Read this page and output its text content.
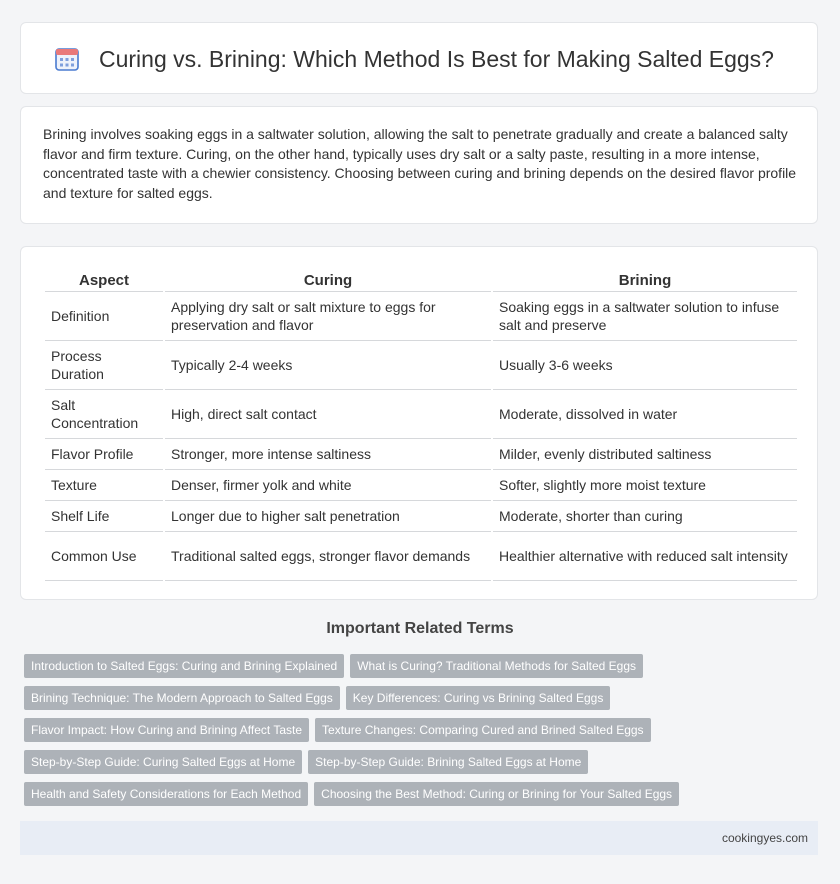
Curing vs. Brining: Which Method Is Best for Making Salted Eggs?

Brining involves soaking eggs in a saltwater solution, allowing the salt to penetrate gradually and create a balanced salty flavor and firm texture. Curing, on the other hand, typically uses dry salt or a salty paste, resulting in a more intense, concentrated taste with a chewier consistency. Choosing between curing and brining depends on the desired flavor profile and texture for salted eggs.

Aspect	Curing	Brining
Definition	Applying dry salt or salt mixture to eggs for preservation and flavor	Soaking eggs in a saltwater solution to infuse salt and preserve
Process Duration	Typically 2-4 weeks	Usually 3-6 weeks
Salt Concentration	High, direct salt contact	Moderate, dissolved in water
Flavor Profile	Stronger, more intense saltiness	Milder, evenly distributed saltiness
Texture	Denser, firmer yolk and white	Softer, slightly more moist texture
Shelf Life	Longer due to higher salt penetration	Moderate, shorter than curing
Common Use	Traditional salted eggs, stronger flavor demands	Healthier alternative with reduced salt intensity
Important Related Terms
Introduction to Salted Eggs: Curing and Brining Explained What is Curing? Traditional Methods for Salted Eggs
Brining Technique: The Modern Approach to Salted Eggs Key Differences: Curing vs Brining Salted Eggs
Flavor Impact: How Curing and Brining Affect Taste Texture Changes: Comparing Cured and Brined Salted Eggs
Step-by-Step Guide: Curing Salted Eggs at Home Step-by-Step Guide: Brining Salted Eggs at Home
Health and Safety Considerations for Each Method Choosing the Best Method: Curing or Brining for Your Salted Eggs
cookingyes.com
